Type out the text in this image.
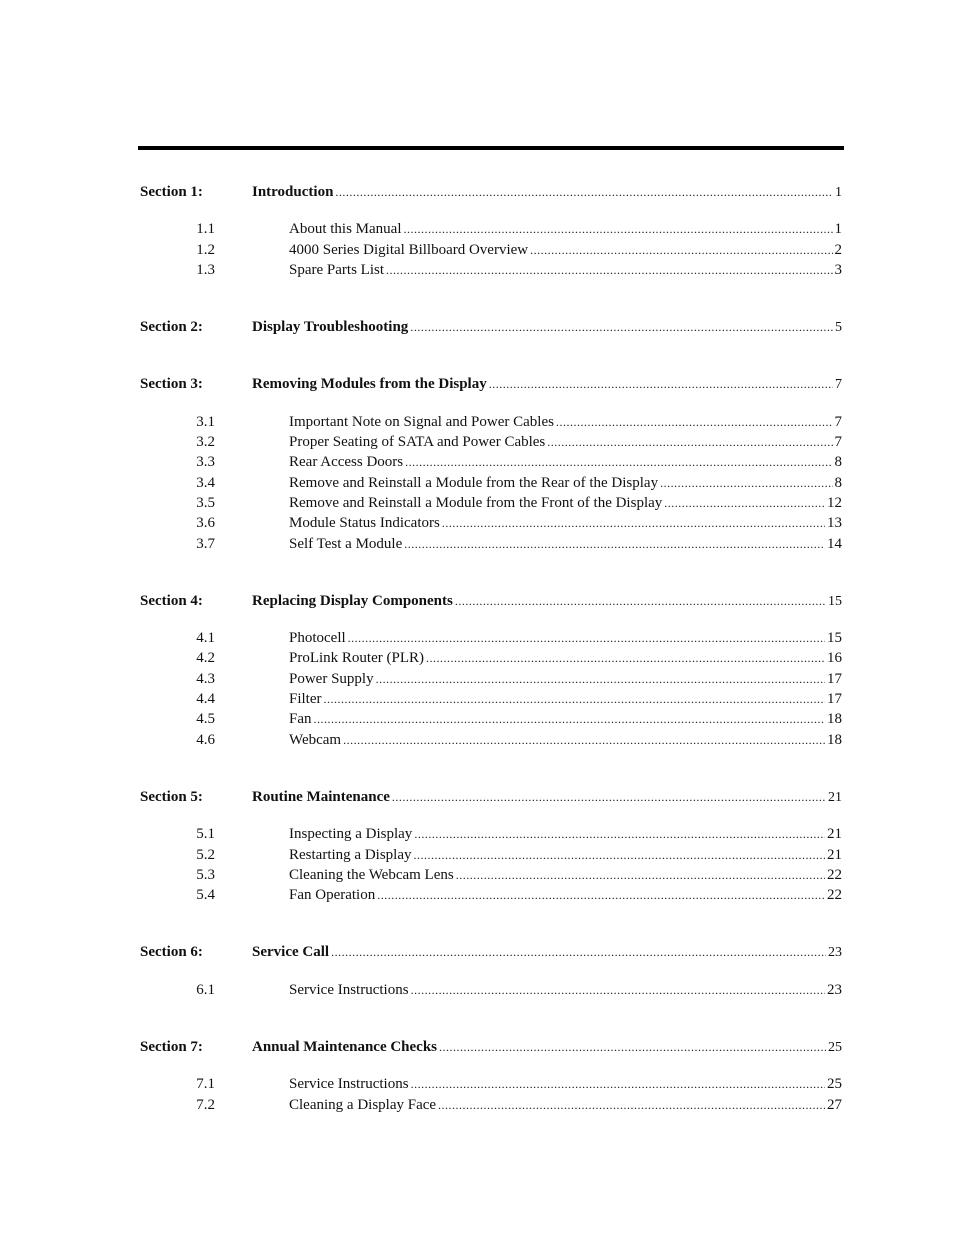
Section 1:	Introduction .....	1
1.1	About this Manual .....	1
1.2	4000 Series Digital Billboard Overview .....	2
1.3	Spare Parts List .....	3
Section 2:	Display Troubleshooting .....	5
Section 3:	Removing Modules from the Display .....	7
3.1	Important Note on Signal and Power Cables .....	7
3.2	Proper Seating of SATA and Power Cables .....	7
3.3	Rear Access Doors .....	8
3.4	Remove and Reinstall a Module from the Rear of the Display .....	8
3.5	Remove and Reinstall a Module from the Front of the Display .....	12
3.6	Module Status Indicators .....	13
3.7	Self Test a Module .....	14
Section 4:	Replacing Display Components .....	15
4.1	Photocell .....	15
4.2	ProLink Router (PLR) .....	16
4.3	Power Supply .....	17
4.4	Filter .....	17
4.5	Fan .....	18
4.6	Webcam .....	18
Section 5:	Routine Maintenance .....	21
5.1	Inspecting a Display .....	21
5.2	Restarting a Display .....	21
5.3	Cleaning the Webcam Lens .....	22
5.4	Fan Operation .....	22
Section 6:	Service Call .....	23
6.1	Service Instructions .....	23
Section 7:	Annual Maintenance Checks .....	25
7.1	Service Instructions .....	25
7.2	Cleaning a Display Face .....	27
